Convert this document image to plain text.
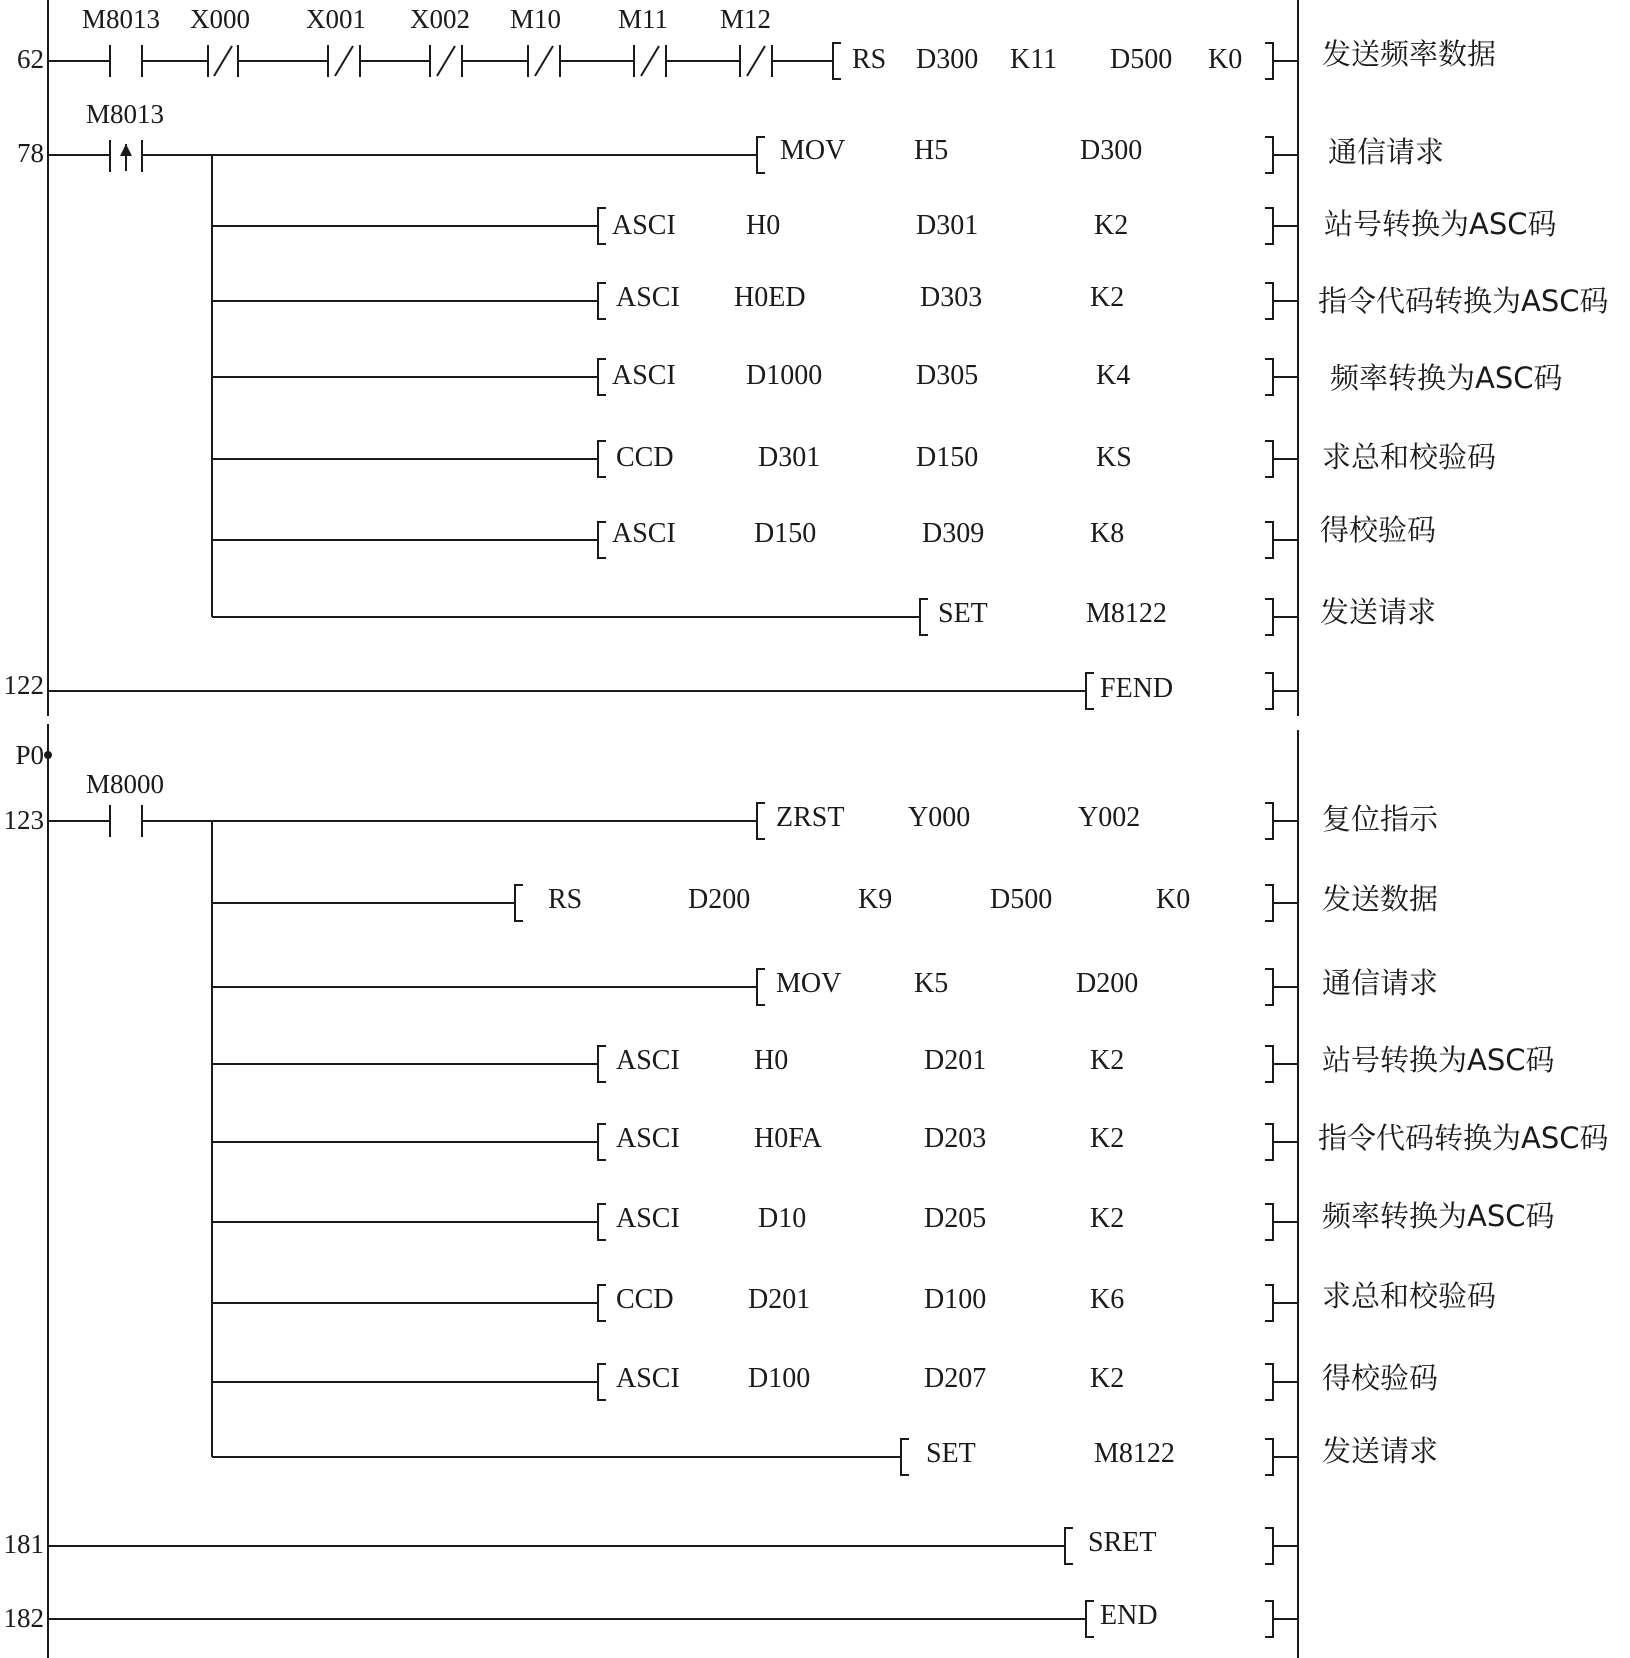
62
M8013 X000 X001 X002 M10 M11 M12
RS D300 K11 D500 K0	发送频率数据
78
M8013
MOV H5	D300	通信请求
ASCI	H0	D301	K2	站号转换为ASC码
ASCI H0ED	D303	K2	指令代码转换为ASC码
ASCI	D1000	D305	K4	频率转换为ASC码
CCD	D301	D150	KS	求总和校验码
ASCI	D150	D309	K8	得校验码
SET	M8122	发送请求
122	FEND
P0
123
M8000
ZRST Y000	Y002	复位指示
RS	D200	K9	D500	K0	发送数据
MOV	K5	D200	通信请求
ASCI	H0	D201	K2	站号转换为ASC码
ASCI	H0FA	D203	K2	指令代码转换为ASC码
ASCI	D10	D205	K2	频率转换为ASC码
CCD	D201	D100	K6	求总和校验码
ASCI D100	D207	K2	得校验码
SET	M8122	发送请求
181	SRET
182	END
